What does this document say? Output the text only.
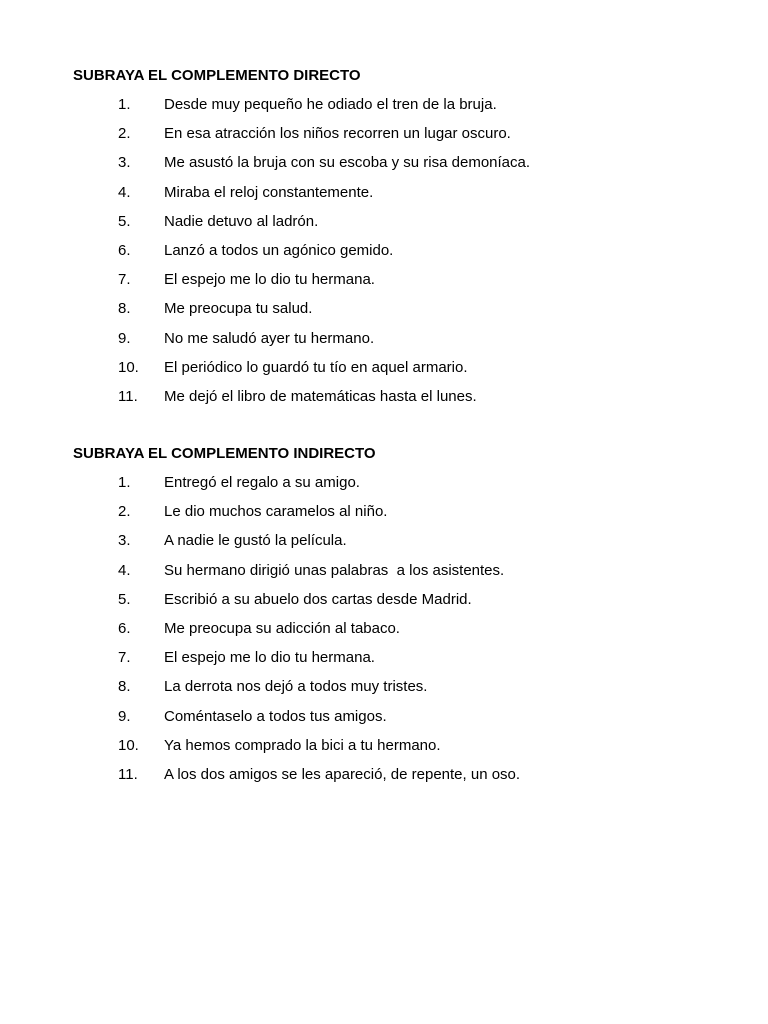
SUBRAYA EL COMPLEMENTO DIRECTO
1.	Desde muy pequeño he odiado el tren de la bruja.
2.	En esa atracción los niños recorren un lugar oscuro.
3.	Me asustó la bruja con su escoba y su risa demoníaca.
4.	Miraba el reloj constantemente.
5.	Nadie detuvo al ladrón.
6.	Lanzó a todos un agónico gemido.
7.	El espejo me lo dio tu hermana.
8.	Me preocupa tu salud.
9.	No me saludó ayer tu hermano.
10.	El periódico lo guardó tu tío en aquel armario.
11.	Me dejó el libro de matemáticas hasta el lunes.
SUBRAYA EL COMPLEMENTO INDIRECTO
1.	Entregó el regalo a su amigo.
2.	Le dio muchos caramelos al niño.
3.	A nadie le gustó la película.
4.	Su hermano dirigió unas palabras  a los asistentes.
5.	Escribió a su abuelo dos cartas desde Madrid.
6.	Me preocupa su adicción al tabaco.
7.	El espejo me lo dio tu hermana.
8.	La derrota nos dejó a todos muy tristes.
9.	Coméntaselo a todos tus amigos.
10.	Ya hemos comprado la bici a tu hermano.
11.	A los dos amigos se les apareció, de repente, un oso.
